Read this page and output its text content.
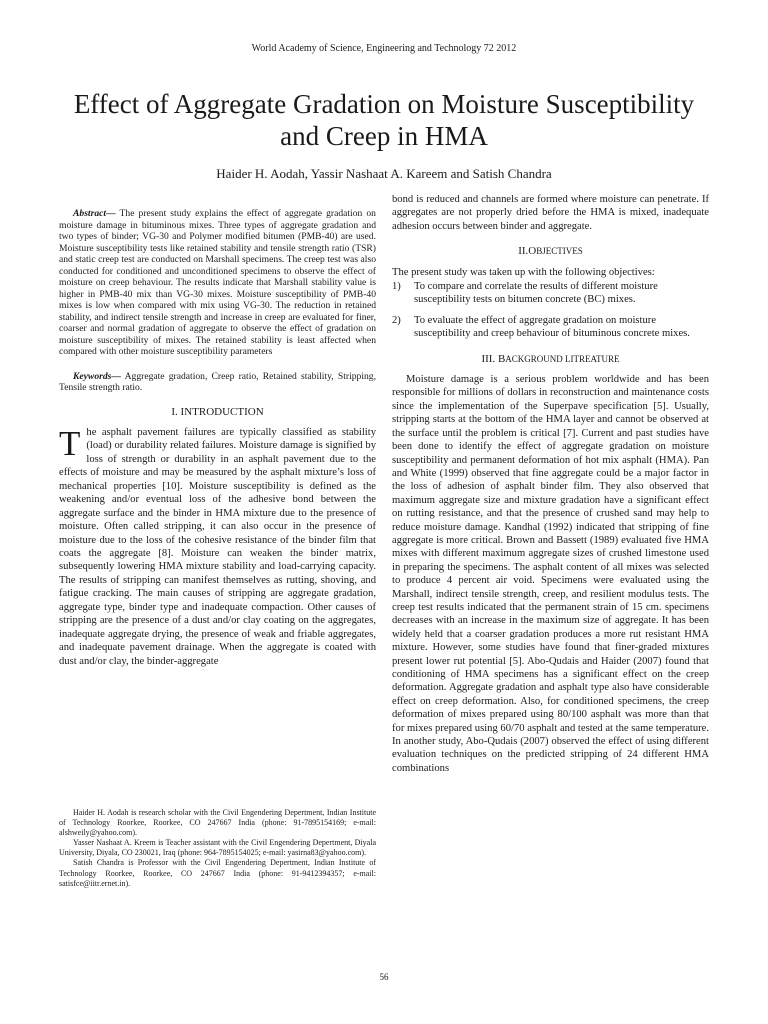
World Academy of Science, Engineering and Technology 72 2012
Effect of Aggregate Gradation on Moisture Susceptibility and Creep in HMA
Haider H. Aodah, Yassir Nashaat A. Kareem and Satish Chandra

Abstract— The present study explains the effect of aggregate gradation on moisture damage in bituminous mixes. Three types of aggregate gradation and two types of binder; VG-30 and Polymer modified bitumen (PMB-40) are used. Moisture susceptibility tests like retained stability and tensile strength ratio (TSR) and static creep test are conducted on Marshall specimens. The creep test was also conducted for conditioned and unconditioned specimens to observe the effect of moisture on creep behaviour. The results indicate that Marshall stability value is higher in PMB-40 mix than VG-30 mixes. Moisture susceptibility of PMB-40 mixes is low when compared with mix using VG-30. The reduction in retained stability, and indirect tensile strength and increase in creep are evaluated for finer, coarser and normal gradation of aggregate to observe the effect of gradation on moisture susceptibility of mixes. The retained stability is least affected when compared with other moisture susceptibility parameters

Keywords— Aggregate gradation, Creep ratio, Retained stability, Stripping, Tensile strength ratio.

I. INTRODUCTION

The asphalt pavement failures are typically classified as stability (load) or durability related failures. Moisture damage is signified by loss of strength or durability in an asphalt pavement due to the effects of moisture and may be measured by the asphalt mixture’s loss of mechanical properties [10]. Moisture susceptibility is defined as the weakening and/or eventual loss of the adhesive bond between the aggregate surface and the binder in HMA mixture due to the presence of moisture. Often called stripping, it can also occur in the presence of moisture due to the loss of the cohesive resistance of the binder film that coats the aggregate [8]. Moisture can weaken the binder matrix, subsequently lowering HMA mixture stability and load-carrying capacity. The results of stripping can manifest themselves as rutting, shoving, and fatigue cracking. The main causes of stripping are aggregate gradation, aggregate type, binder type and inadequate compaction. Other causes of stripping are the presence of a dust and/or clay coating on the aggregates, inadequate aggregate drying, the presence of weak and friable aggregates, and inadequate pavement drainage. When the aggregate is coated with dust and/or clay, the binder-aggregate

Haider H. Aodah is research scholar with the Civil Engendering Depertment, Indian Institute of Technology Roorkee, Roorkee, CO 247667 India (phone: 91-7895154169; e-mail: alshweily@yahoo.com).

Yasser Nashaat A. Kreem is Teacher assistant with the Civil Engendering Depertment, Diyala University, Diyala, CO 230021, Iraq (phone: 964-7895154025; e-mail: yasirna83@yahoo.com).

Satish Chandra is Professor with the Civil Engendering Depertment, Indian Institute of Technology Roorkee, Roorkee, CO 247667 India (phone: 91-9412394357; e-mail: satisfce@iitr.ernet.in).

bond is reduced and channels are formed where moisture can penetrate. If aggregates are not properly dried before the HMA is mixed, inadequate adhesion occurs between binder and aggregate.

II.OBJECTIVES

The present study was taken up with the following objectives:

1)	To compare and correlate the results of different moisture susceptibility tests on bitumen concrete (BC) mixes.
2)	To evaluate the effect of aggregate gradation on moisture susceptibility and creep behaviour of bituminous concrete mixes.
III. BACKGROUND LITREATURE

Moisture damage is a serious problem worldwide and has been responsible for millions of dollars in reconstruction and maintenance costs since the implementation of the Superpave specification [5]. Usually, stripping starts at the bottom of the HMA layer and cannot be observed at the surface until the problem is critical [7]. Current and past studies have been done to identify the effect of aggregate gradation on moisture susceptibility and permanent deformation of hot mix asphalt (HMA). Pan and White (1999) observed that fine aggregate could be a major factor in the loss of adhesion of asphalt binder film. They also observed that maximum aggregate size and mixture gradation have a significant effect on rutting resistance, and that the presence of crushed sand may help to reduce moisture damage. Kandhal (1992) indicated that stripping of fine aggregate is more critical. Brown and Bassett (1989) evaluated five HMA mixes with different maximum aggregate sizes of crushed limestone used in preparing the specimens. The asphalt content of all mixes was selected to produce 4 percent air void. Specimens were evaluated using the Marshall, indirect tensile strength, creep, and resilient modulus tests. The creep test results indicated that the permanent strain of 15 cm. specimens decreases with an increase in the maximum size of aggregate. It has been widely held that a coarser gradation produces a more rut resistant HMA mixture. However, some studies have found that finer-graded mixtures present lower rut potential [5]. Abo-Qudais and Haider (2007) found that conditioning of HMA specimens has a significant effect on the creep deformation. Aggregate gradation and asphalt type also have considerable effect on creep deformation. Also, for conditioned specimens, the creep deformation of mixes prepared using 80/100 asphalt was more than that for mixes prepared using 60/70 asphalt and tested at the same temperature. In another study, Abo-Qudais (2007) observed the effect of using different evaluation techniques on the predicted stripping of 24 different HMA combinations

56
